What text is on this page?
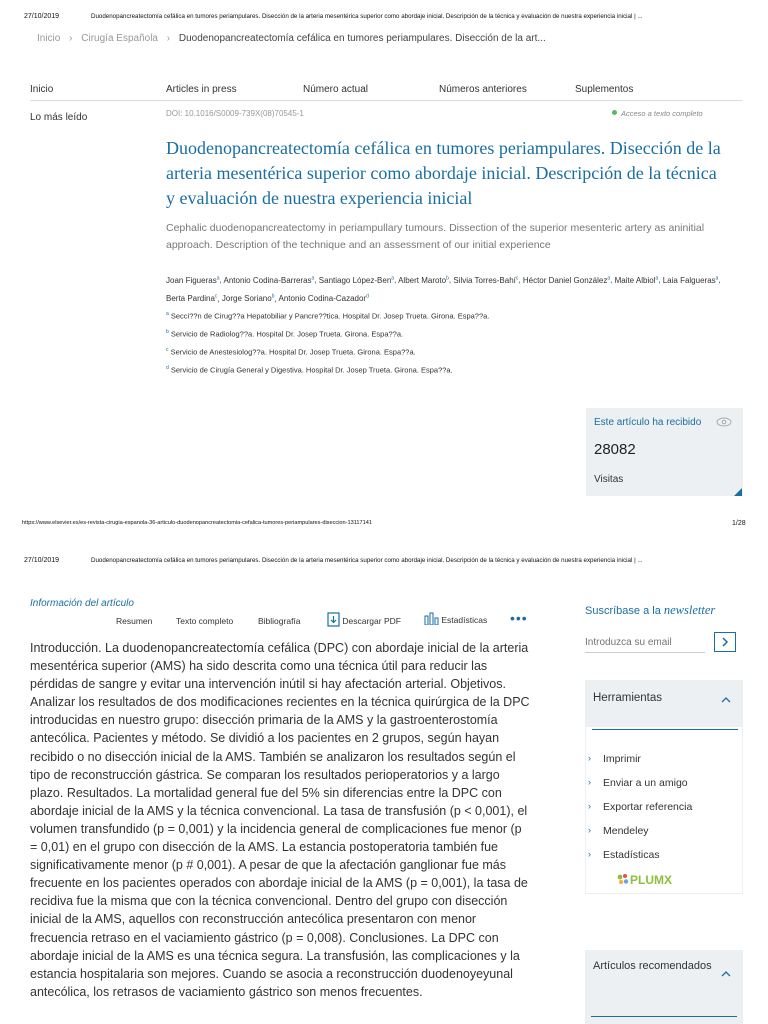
27/10/2019	Duodenopancreatectomía cefálica en tumores periampulares. Disección de la arteria mesentérica superior como abordaje inicial. Descripción de la técnica y evaluación de nuestra experiencia inicial | ...
Inicio › Cirugía Española › Duodenopancreatectomía cefálica en tumores periampulares. Disección de la art...
Inicio	Articles in press	Número actual	Números anteriores	Suplementos
Lo más leído	DOI: 10.1016/S0009-739X(08)70545-1	Acceso a texto completo
Duodenopancreatectomía cefálica en tumores periampulares. Disección de la arteria mesentérica superior como abordaje inicial. Descripción de la técnica y evaluación de nuestra experiencia inicial
Cephalic duodenopancreatectomy in periampullary tumours. Dissection of the superior mesenteric artery as aninitial approach. Description of the technique and an assessment of our initial experience
Joan Figueras$^a$, Antonio Codina-Barreras$^a$, Santiago López-Ben$^a$, Albert Maroto$^b$, Silvia Torres-Bahí$^c$, Héctor Daniel González$^a$, Maite Albiol$^a$, Laia Falgueras$^a$, Berta Pardina$^c$, Jorge Soriano$^b$, Antonio Codina-Cazador$^d$
$^a$ Secci??n de Cirug??a Hepatobiliar y Pancre??tica. Hospital Dr. Josep Trueta. Girona. Espa??a.
$^b$ Servicio de Radiolog??a. Hospital Dr. Josep Trueta. Girona. Espa??a.
$^c$ Servicio de Anestesiolog??a. Hospital Dr. Josep Trueta. Girona. Espa??a.
$^d$ Servicio de Cirugía General y Digestiva. Hospital Dr. Josep Trueta. Girona. Espa??a.
Este artículo ha recibido
28082
Visitas
https://www.elsevier.es/es-revista-cirugia-espanola-36-articulo-duodenopancreatectomia-cefalica-tumores-periampulares-diseccion-13117141	1/28
27/10/2019	Duodenopancreatectomía cefálica en tumores periampulares. Disección de la arteria mesentérica superior como abordaje inicial. Descripción de la técnica y evaluación de nuestra experiencia inicial | ...
Información del artículo
Resumen	Texto completo	Bibliografía	Descargar PDF	Estadísticas •••
Introducción. La duodenopancreatectomía cefálica (DPC) con abordaje inicial de la arteria mesentérica superior (AMS) ha sido descrita como una técnica útil para reducir las pérdidas de sangre y evitar una intervención inútil si hay afectación arterial. Objetivos. Analizar los resultados de dos modificaciones recientes en la técnica quirúrgica de la DPC introducidas en nuestro grupo: disección primaria de la AMS y la gastroenterostomía antecólica. Pacientes y método. Se dividió a los pacientes en 2 grupos, según hayan recibido o no disección inicial de la AMS. También se analizaron los resultados según el tipo de reconstrucción gástrica. Se comparan los resultados perioperatorios y a largo plazo. Resultados. La mortalidad general fue del 5% sin diferencias entre la DPC con abordaje inicial de la AMS y la técnica convencional. La tasa de transfusión (p < 0,001), el volumen transfundido (p = 0,001) y la incidencia general de complicaciones fue menor (p = 0,01) en el grupo con disección de la AMS. La estancia postoperatoria también fue significativamente menor (p # 0,001). A pesar de que la afectación ganglionar fue más frecuente en los pacientes operados con abordaje inicial de la AMS (p = 0,001), la tasa de recidiva fue la misma que con la técnica convencional. Dentro del grupo con disección inicial de la AMS, aquellos con reconstrucción antecólica presentaron con menor frecuencia retraso en el vaciamiento gástrico (p = 0,008). Conclusiones. La DPC con abordaje inicial de la AMS es una técnica segura. La transfusión, las complicaciones y la estancia hospitalaria son mejores. Cuando se asocia a reconstrucción duodenoyeyunal antecólica, los retrasos de vaciamiento gástrico son menos frecuentes.
Suscríbase a la newsletter
Introduzca su email
Herramientas
› Imprimir
› Enviar a un amigo
› Exportar referencia
› Mendeley
› Estadísticas
PLUMX
Artículos recomendados
